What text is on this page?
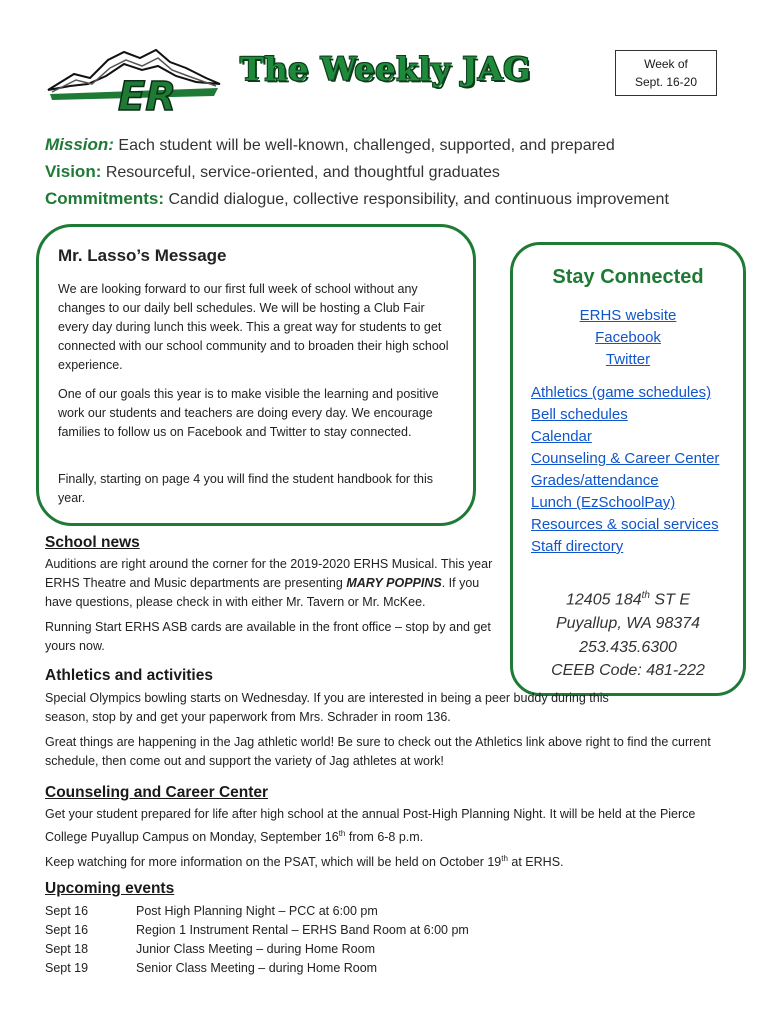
ER
The Weekly JAG	Week of
Sept. 16-20
Mission: Each student will be well-known, challenged, supported, and prepared
Vision: Resourceful, service-oriented, and thoughtful graduates
Commitments: Candid dialogue, collective responsibility, and continuous improvement
Mr. Lasso’s Message
We are looking forward to our first full week of school without any changes to our daily bell schedules. We will be hosting a Club Fair every day during lunch this week. This a great way for students to get connected with our school community and to broaden their high school experience.
One of our goals this year is to make visible the learning and positive work our students and teachers are doing every day. We encourage families to follow us on Facebook and Twitter to stay connected.
Finally, starting on page 4 you will find the student handbook for this year.
Stay Connected
ERHS website
Facebook
Twitter
Athletics (game schedules)
Bell schedules
Calendar
Counseling & Career Center
Grades/attendance
Lunch (EzSchoolPay)
Resources & social services
Staff directory
12405 184th ST E
Puyallup, WA 98374
253.435.6300
CEEB Code: 481-222
School news
Auditions are right around the corner for the 2019-2020 ERHS Musical. This year ERHS Theatre and Music departments are presenting MARY POPPINS. If you have questions, please check in with either Mr. Tavern or Mr. McKee.
Running Start ERHS ASB cards are available in the front office – stop by and get yours now.
Athletics and activities
Special Olympics bowling starts on Wednesday. If you are interested in being a peer buddy during this season, stop by and get your paperwork from Mrs. Schrader in room 136.
Great things are happening in the Jag athletic world! Be sure to check out the Athletics link above right to find the current schedule, then come out and support the variety of Jag athletes at work!
Counseling and Career Center
Get your student prepared for life after high school at the annual Post-High Planning Night. It will be held at the Pierce College Puyallup Campus on Monday, September 16th from 6-8 p.m.
Keep watching for more information on the PSAT, which will be held on October 19th at ERHS.
Upcoming events
Sept 16	Post High Planning Night – PCC at 6:00 pm
Sept 16	Region 1 Instrument Rental – ERHS Band Room at 6:00 pm
Sept 18	Junior Class Meeting – during Home Room
Sept 19	Senior Class Meeting – during Home Room
